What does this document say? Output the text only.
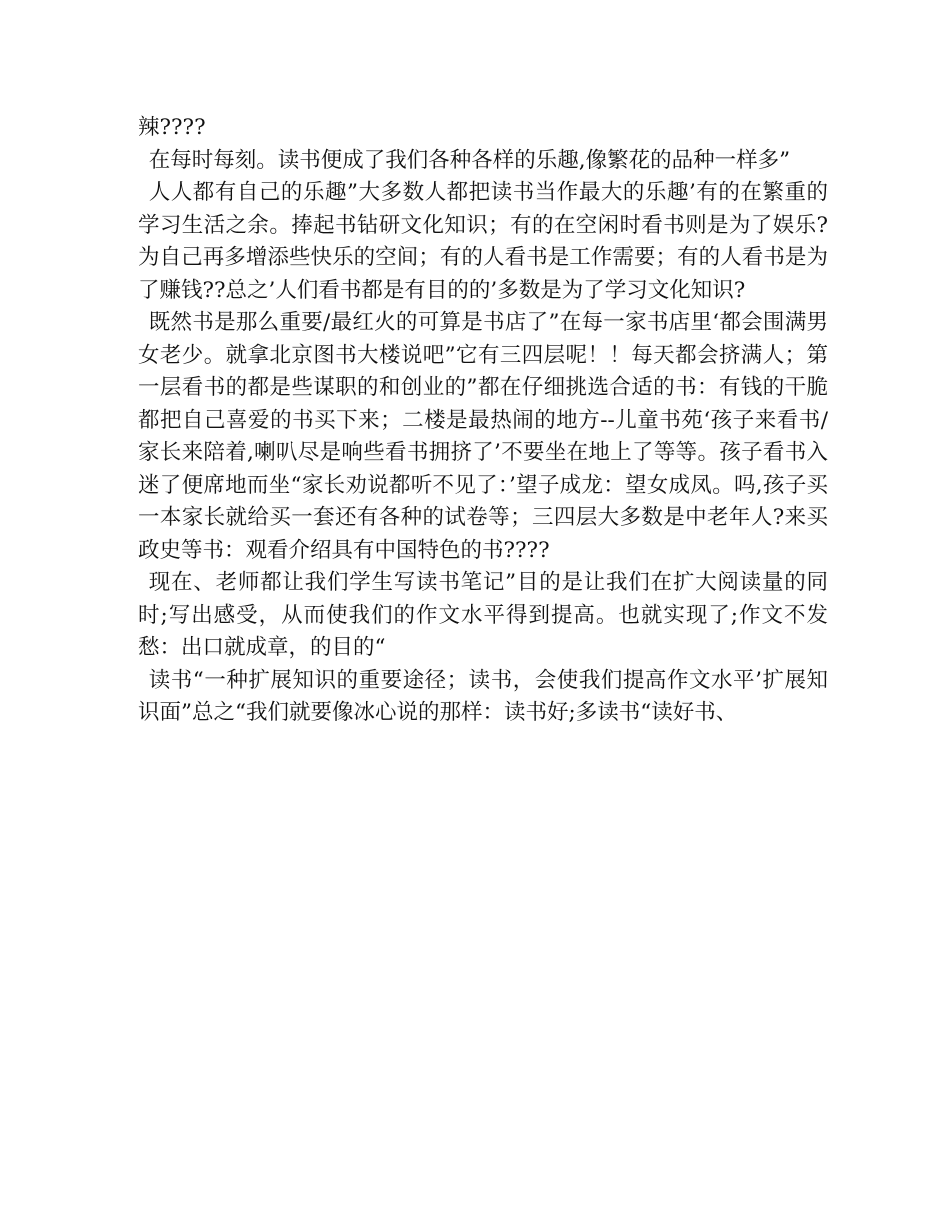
辣????

在每时每刻。读书便成了我们各种各样的乐趣,像繁花的品种一样多”

人人都有自己的乐趣”大多数人都把读书当作最大的乐趣’有的在繁重的学习生活之余。捧起书钻研文化知识；有的在空闲时看书则是为了娱乐?为自己再多增添些快乐的空间；有的人看书是工作需要；有的人看书是为了赚钱??总之’人们看书都是有目的的’多数是为了学习文化知识?

既然书是那么重要/最红火的可算是书店了”在每一家书店里‘都会围满男女老少。就拿北京图书大楼说吧”它有三四层呢！！每天都会挤满人；第一层看书的都是些谋职的和创业的”都在仔细挑选合适的书：有钱的干脆都把自己喜爱的书买下来；二楼是最热闹的地方--儿童书苑‘孩子来看书/家长来陪着,喇叭尽是响些看书拥挤了’不要坐在地上了等等。孩子看书入迷了便席地而坐“家长劝说都听不见了：’望子成龙：望女成凤。吗,孩子买一本家长就给买一套还有各种的试卷等；三四层大多数是中老年人?来买政史等书：观看介绍具有中国特色的书????

现在、老师都让我们学生写读书笔记”目的是让我们在扩大阅读量的同时;写出感受，从而使我们的作文水平得到提高。也就实现了;作文不发愁：出口就成章，的目的“

读书“一种扩展知识的重要途径；读书，会使我们提高作文水平’扩展知识面”总之“我们就要像冰心说的那样：读书好;多读书“读好书、
